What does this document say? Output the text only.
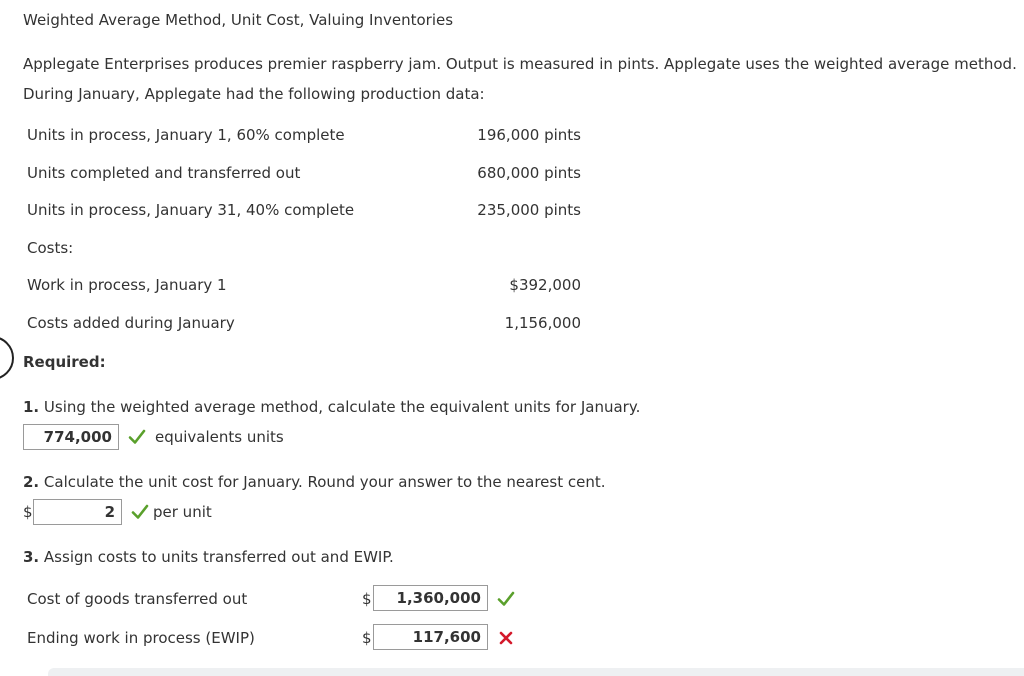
Weighted Average Method, Unit Cost, Valuing Inventories
Applegate Enterprises produces premier raspberry jam. Output is measured in pints. Applegate uses the weighted average method.
During January, Applegate had the following production data:
Units in process, January 1, 60% complete	196,000 pints
Units completed and transferred out	680,000 pints
Units in process, January 31, 40% complete	235,000 pints
Costs:
Work in process, January 1	$392,000
Costs added during January	1,156,000
Required:
1. Using the weighted average method, calculate the equivalent units for January.
774,000	equivalents units
2. Calculate the unit cost for January. Round your answer to the nearest cent.
$	2	per unit
3. Assign costs to units transferred out and EWIP.
Cost of goods transferred out	$	1,360,000
Ending work in process (EWIP)	$	117,600
